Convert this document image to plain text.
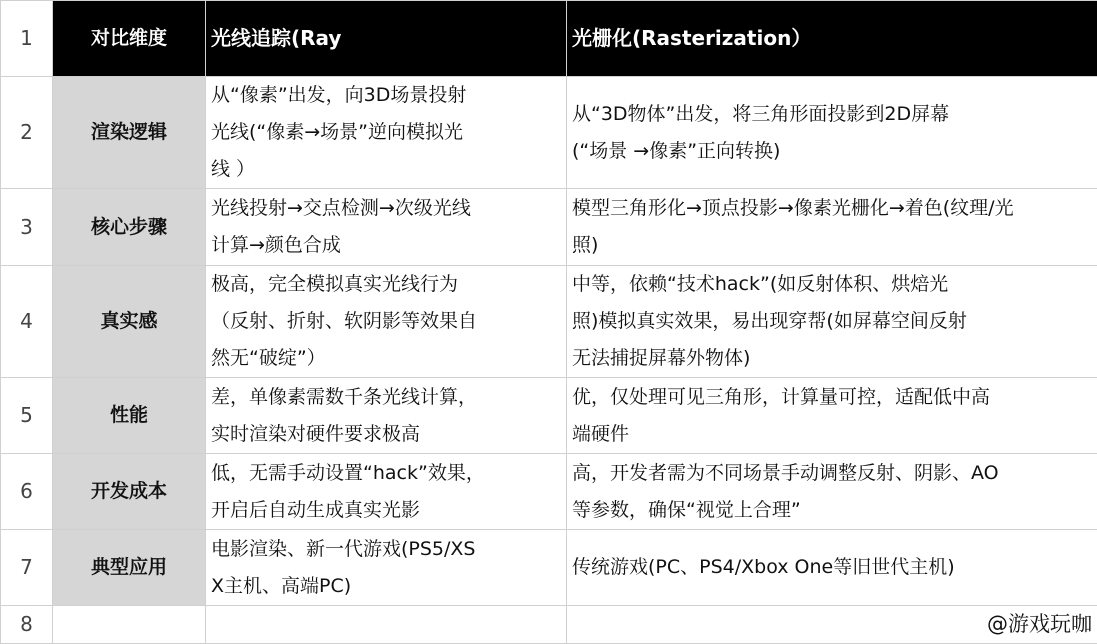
1	对比维度	光线追踪(Ray	光栅化(Rasterization）
2	渲染逻辑	从“像素”出发，向3D场景投射
光线(“像素→场景”逆向模拟光
线 ）	从“3D物体”出发，将三角形面投影到2D屏幕
(“场景 →像素”正向转换)
3	核心步骤	光线投射→交点检测→次级光线
计算→颜色合成	模型三角形化→顶点投影→像素光栅化→着色(纹理/光
照)
4	真实感	极高，完全模拟真实光线行为
（反射、折射、软阴影等效果自
然无“破绽”）	中等，依赖“技术hack”(如反射体积、烘焙光
照)模拟真实效果，易出现穿帮(如屏幕空间反射
无法捕捉屏幕外物体)
5	性能	差，单像素需数千条光线计算，
实时渲染对硬件要求极高	优，仅处理可见三角形，计算量可控，适配低中高
端硬件
6	开发成本	低，无需手动设置“hack”效果，
开启后自动生成真实光影	高，开发者需为不同场景手动调整反射、阴影、AO
等参数，确保“视觉上合理”
7	典型应用	电影渲染、新一代游戏(PS5/XS
X主机、高端PC)	传统游戏(PC、PS4/Xbox One等旧世代主机)
8			@游戏玩咖
